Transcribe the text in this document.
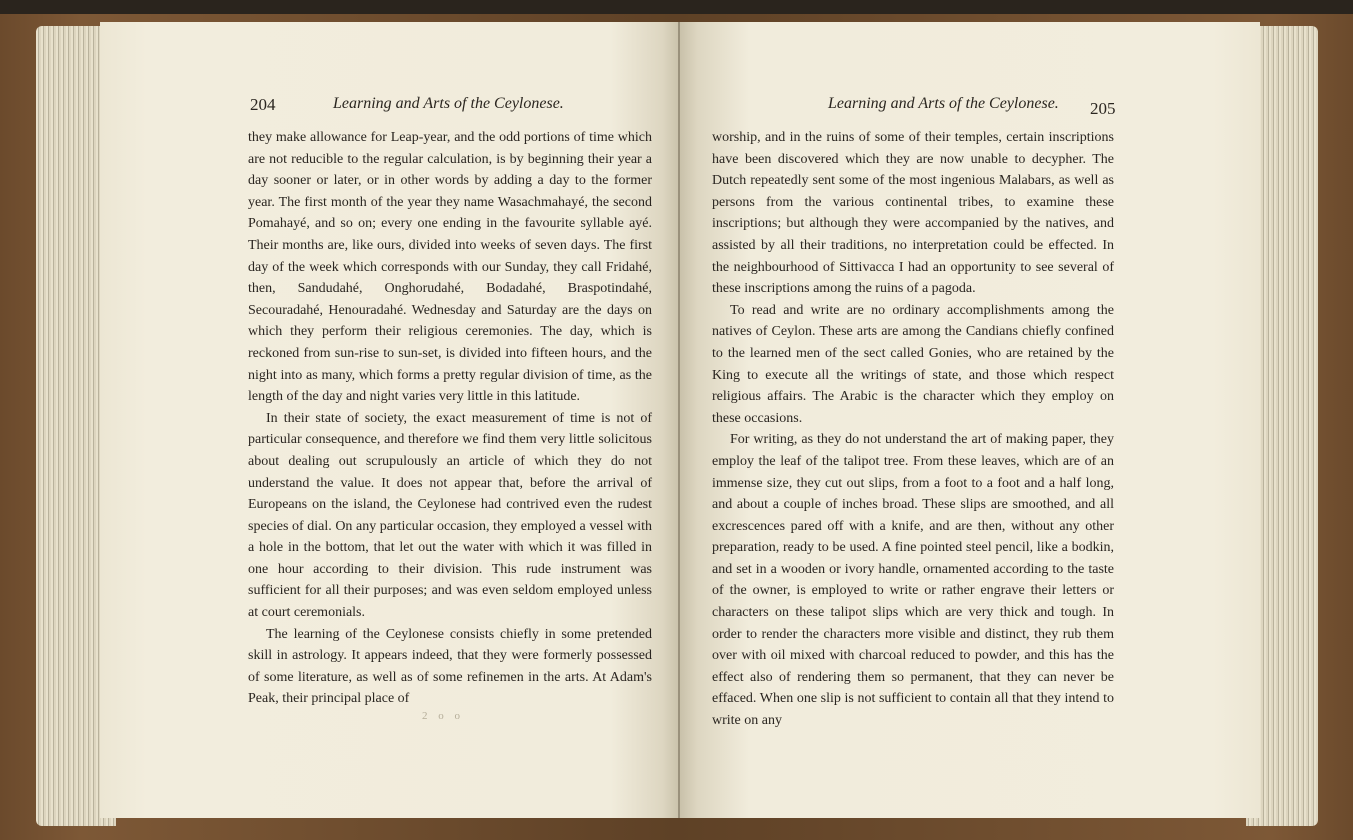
204	Learning and Arts of the Ceylonese.

they make allowance for Leap-year, and the odd portions of time which are not reducible to the regular calculation, is by beginning their year a day sooner or later, or in other words by adding a day to the former year. The first month of the year they name Wasachmahayé, the second Pomahayé, and so on; every one ending in the favourite syllable ayé. Their months are, like ours, divided into weeks of seven days. The first day of the week which corresponds with our Sunday, they call Fridahé, then, Sandudahé, Onghorudahé, Bodadahé, Braspotindahé, Secouradahé, Henouradahé. Wednesday and Saturday are the days on which they perform their religious ceremonies. The day, which is reckoned from sun-rise to sun-set, is divided into fifteen hours, and the night into as many, which forms a pretty regular division of time, as the length of the day and night varies very little in this latitude.

In their state of society, the exact measurement of time is not of particular consequence, and therefore we find them very little solicitous about dealing out scrupulously an article of which they do not understand the value. It does not appear that, before the arrival of Europeans on the island, the Ceylonese had contrived even the rudest species of dial. On any particular occasion, they employed a vessel with a hole in the bottom, that let out the water with which it was filled in one hour according to their division. This rude instrument was sufficient for all their purposes; and was even seldom employed unless at court ceremonials.

The learning of the Ceylonese consists chiefly in some pretended skill in astrology. It appears indeed, that they were formerly possessed of some literature, as well as of some refinemen in the arts. At Adam's Peak, their principal place of

2 o o
Learning and Arts of the Ceylonese. 205

worship, and in the ruins of some of their temples, certain inscriptions have been discovered which they are now unable to decypher. The Dutch repeatedly sent some of the most ingenious Malabars, as well as persons from the various continental tribes, to examine these inscriptions; but although they were accompanied by the natives, and assisted by all their traditions, no interpretation could be effected. In the neighbourhood of Sittivacca I had an opportunity to see several of these inscriptions among the ruins of a pagoda.

To read and write are no ordinary accomplishments among the natives of Ceylon. These arts are among the Candians chiefly confined to the learned men of the sect called Gonies, who are retained by the King to execute all the writings of state, and those which respect religious affairs. The Arabic is the character which they employ on these occasions.

For writing, as they do not understand the art of making paper, they employ the leaf of the talipot tree. From these leaves, which are of an immense size, they cut out slips, from a foot to a foot and a half long, and about a couple of inches broad. These slips are smoothed, and all excrescences pared off with a knife, and are then, without any other preparation, ready to be used. A fine pointed steel pencil, like a bodkin, and set in a wooden or ivory handle, ornamented according to the taste of the owner, is employed to write or rather engrave their letters or characters on these talipot slips which are very thick and tough. In order to render the characters more visible and distinct, they rub them over with oil mixed with charcoal reduced to powder, and this has the effect also of rendering them so permanent, that they can never be effaced. When one slip is not sufficient to contain all that they intend to write on any
